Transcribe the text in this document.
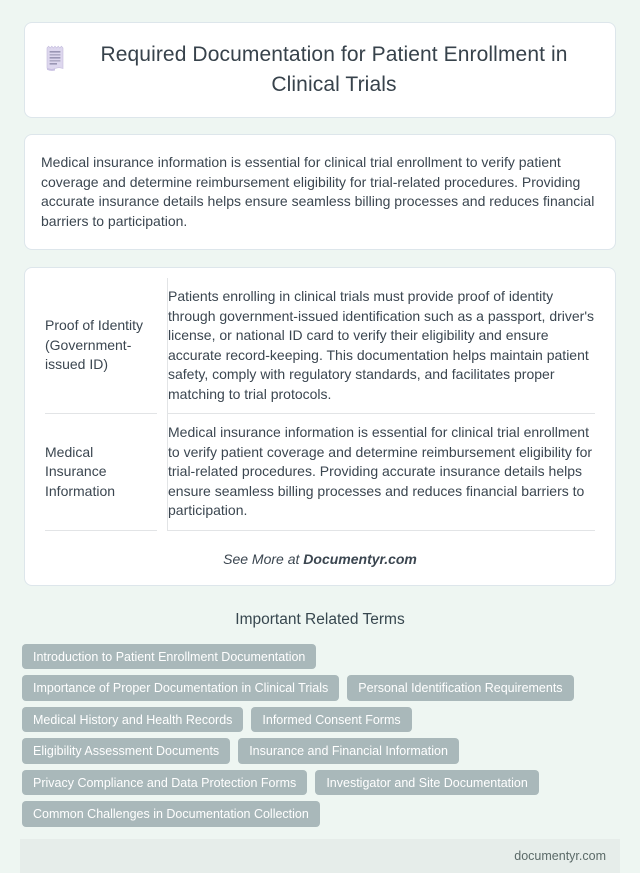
Required Documentation for Patient Enrollment in Clinical Trials

Medical insurance information is essential for clinical trial enrollment to verify patient coverage and determine reimbursement eligibility for trial-related procedures. Providing accurate insurance details helps ensure seamless billing processes and reduces financial barriers to participation.

Proof of Identity (Government-issued ID)	Patients enrolling in clinical trials must provide proof of identity through government-issued identification such as a passport, driver's license, or national ID card to verify their eligibility and ensure accurate record-keeping. This documentation helps maintain patient safety, comply with regulatory standards, and facilitates proper matching to trial protocols.
Medical Insurance Information	Medical insurance information is essential for clinical trial enrollment to verify patient coverage and determine reimbursement eligibility for trial-related procedures. Providing accurate insurance details helps ensure seamless billing processes and reduces financial barriers to participation.
See More at Documentyr.com
Important Related Terms
Introduction to Patient Enrollment Documentation
Importance of Proper Documentation in Clinical Trials	Personal Identification Requirements
Medical History and Health Records	Informed Consent Forms
Eligibility Assessment Documents	Insurance and Financial Information
Privacy Compliance and Data Protection Forms	Investigator and Site Documentation
Common Challenges in Documentation Collection
documentyr.com
